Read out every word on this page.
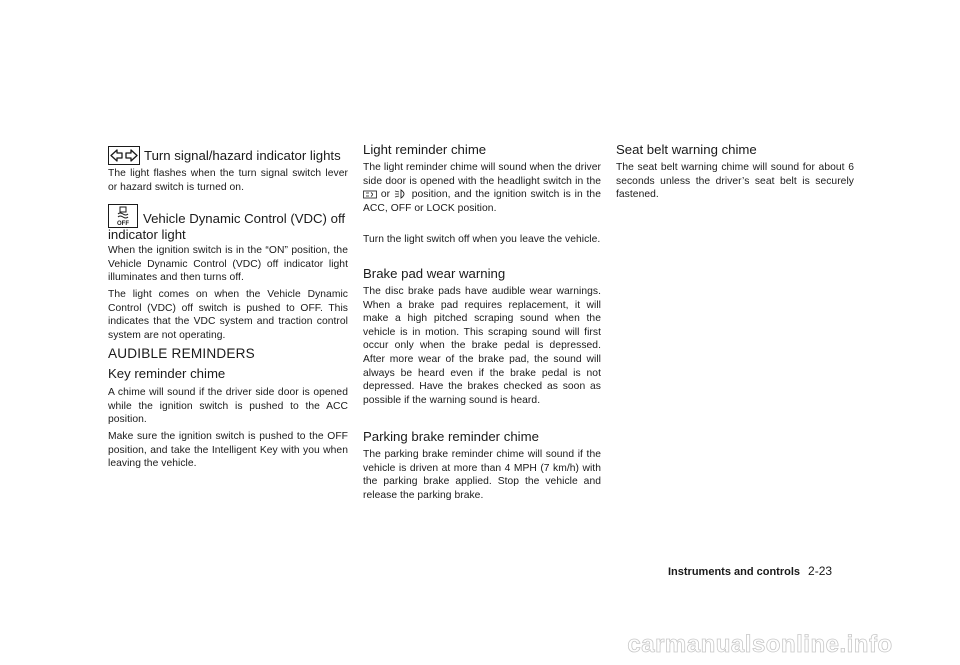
Turn signal/hazard indicator lights

The light flashes when the turn signal switch lever or hazard switch is turned on.

OFF Vehicle Dynamic Control (VDC) off
indicator light

When the ignition switch is in the “ON” position, the Vehicle Dynamic Control (VDC) off indicator light illuminates and then turns off.

The light comes on when the Vehicle Dynamic Control (VDC) off switch is pushed to OFF. This indicates that the VDC system and traction control system are not operating.

AUDIBLE REMINDERS
Key reminder chime

A chime will sound if the driver side door is opened while the ignition switch is pushed to the ACC position.

Make sure the ignition switch is pushed to the OFF position, and take the Intelligent Key with you when leaving the vehicle.

Light reminder chime

The light reminder chime will sound when the driver side door is opened with the headlight switch in the  or position, and the ignition switch is in the ACC, OFF or LOCK position.

Turn the light switch off when you leave the vehicle.

Brake pad wear warning

The disc brake pads have audible wear warnings. When a brake pad requires replacement, it will make a high pitched scraping sound when the vehicle is in motion. This scraping sound will first occur only when the brake pedal is depressed. After more wear of the brake pad, the sound will always be heard even if the brake pedal is not depressed. Have the brakes checked as soon as possible if the warning sound is heard.

Parking brake reminder chime

The parking brake reminder chime will sound if the vehicle is driven at more than 4 MPH (7 km/h) with the parking brake applied. Stop the vehicle and release the parking brake.

Seat belt warning chime

The seat belt warning chime will sound for about 6 seconds unless the driver’s seat belt is securely fastened.

Instruments and controls 2-23
carmanualsonline.info
